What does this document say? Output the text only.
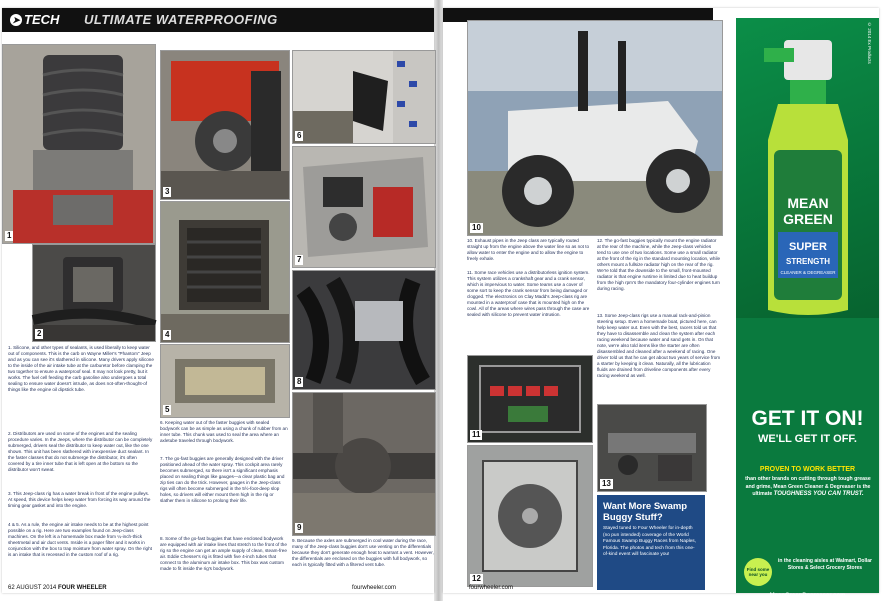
➤ TECH ULTIMATE WATERPROOFING
1
2
3
4
5
6
7
8
9
1. Silicone, and other types of sealants, is used liberally to keep water out of components. This is the carb on Wayne Miller's "Phantom" Jeep and as you can see it's slathered in silicone. Many drivers apply silicone to the inside of the air intake tube at the carburetor before clamping the two together to ensure a waterproof seal. It may not look pretty, but it works. The fuel cell feeding the carb gasoline also undergoes a total sealing to ensure water doesn't intrude, as does not-often-thought-of things like the engine oil dipstick tube.
2. Distributors are used on some of the engines and the sealing procedure varies. In the Jeeps, where the distributor can be completely submerged, drivers seal the distributor to keep water out, like the one shown. This unit has been slathered with inexpensive duct sealant. In the faster classes that do not submerge the distributor, it's often covered by a tire inner tube that is left open at the bottom so the distributor won't sweat.
3. This Jeep-class rig has a water break in front of the engine pulleys. At speed, this device helps keep water from forcing its way around the timing gear gasket and into the engine.
4 & 5. As a rule, the engine air intake needs to be at the highest point possible on a rig. Here are two examples found on Jeep-class machines. On the left is a homemade box made from ¼-inch-thick sheetmetal and air duct vents. Inside is a paper filter and it works in conjunction with the box to trap moisture from water spray. On the right is an intake that is recessed in the custom roof of a rig.
6. Keeping water out of the faster buggies with sealed bodywork can be as simple as using a chunk of rubber from an inner tube. This chunk was used to seal the area where an axletube traveled through bodywork.
7. The go-fast buggies are generally designed with the driver positioned ahead of the water spray. This cockpit area rarely becomes submerged, so there isn't a significant emphasis placed on sealing things like gauges—a clear plastic bag and zip ties can do the trick. However, gauges in the Jeep-class rigs will often become submerged in the 5½-foot-deep slop holes, so drivers will either mount them high in the rig or slather them in silicone to prolong their life.
8. Some of the go-fast buggies that have enclosed bodywork are equipped with air intake lines that stretch to the front of the rig so the engine can get an ample supply of clean, steam-free air. Eddie Chesser's rig is fitted with five 4-inch tubes that connect to the aluminum air intake box. This box was custom made to fit inside the rig's bodywork.
9. Because the axles are submerged in cool water during the race, many of the Jeep-class buggies don't use venting on the differentials because they don't generate enough heat to warrant a vent. However, the differentials are enclosed on the buggies with full bodywork, so each is typically fitted with a filtered vent tube.
62 AUGUST 2014 FOUR WHEELER	fourwheeler.com
10
11
12
13
10. Exhaust pipes in the Jeep class are typically routed straight up from the engine above the water line so as not to allow water to enter the engine and to allow the engine to freely exhale.
11. Some race vehicles use a distributorless ignition system. This system utilizes a crankshaft gear and a crank sensor, which is impervious to water. Some teams use a cover of some sort to keep the crank sensor from being damaged or clogged. The electronics on Clay Madd's Jeep-class rig are mounted in a waterproof case that is mounted high on the cowl. All of the areas where wires pass through the case are sealed with silicone to prevent water intrusion.
12. The go-fast buggies typically mount the engine radiator at the rear of the machine, while the Jeep-class vehicles tend to use one of two locations. Some use a small radiator at the front of the rig in the standard mounting location, while others mount a fullsize radiator high on the rear of the rig. We're told that the downside to the small, front-mounted radiator is that engine runtime is limited due to heat buildup from the high rpm's the mandatory four-cylinder engines turn during racing.
13. Some Jeep-class rigs use a manual rack-and-pinion steering setup. Even a homemade boat, pictured here, can help keep water out. Even with the best, racers told us that they have to disassemble and clean the system after each racing weekend because water and sand gets in. On that note, we're also told items like the starter are often disassembled and cleaned after a weekend of racing. One driver told us that he can get about two years of service from a starter by keeping it clean. Naturally, all the lubrication fluids are drained from driveline components after every racing weekend as well.
Want More Swamp Buggy Stuff?
Stayed tuned to Four Wheeler for in-depth (no pun intended) coverage of the World Famous Swamp Buggy Races from Naples, Florida. The photos and tech from this one-of-kind event will fascinate you!
fourwheeler.com
© 2014 Ex Products
MEAN
GREEN
SUPER
STRENGTH
CLEANER & DEGREASER
GET IT ON!
WE'LL GET IT OFF.
PROVEN TO WORK BETTER
than other brands on cutting through tough grease and grime, Mean Green Cleaner & Degreaser is the ultimate TOUGHNESS YOU CAN TRUST.
Find some near you
in the cleaning aisles at Walmart, Dollar Stores & Select Grocery Stores
MeanGreenDegreaser.com
